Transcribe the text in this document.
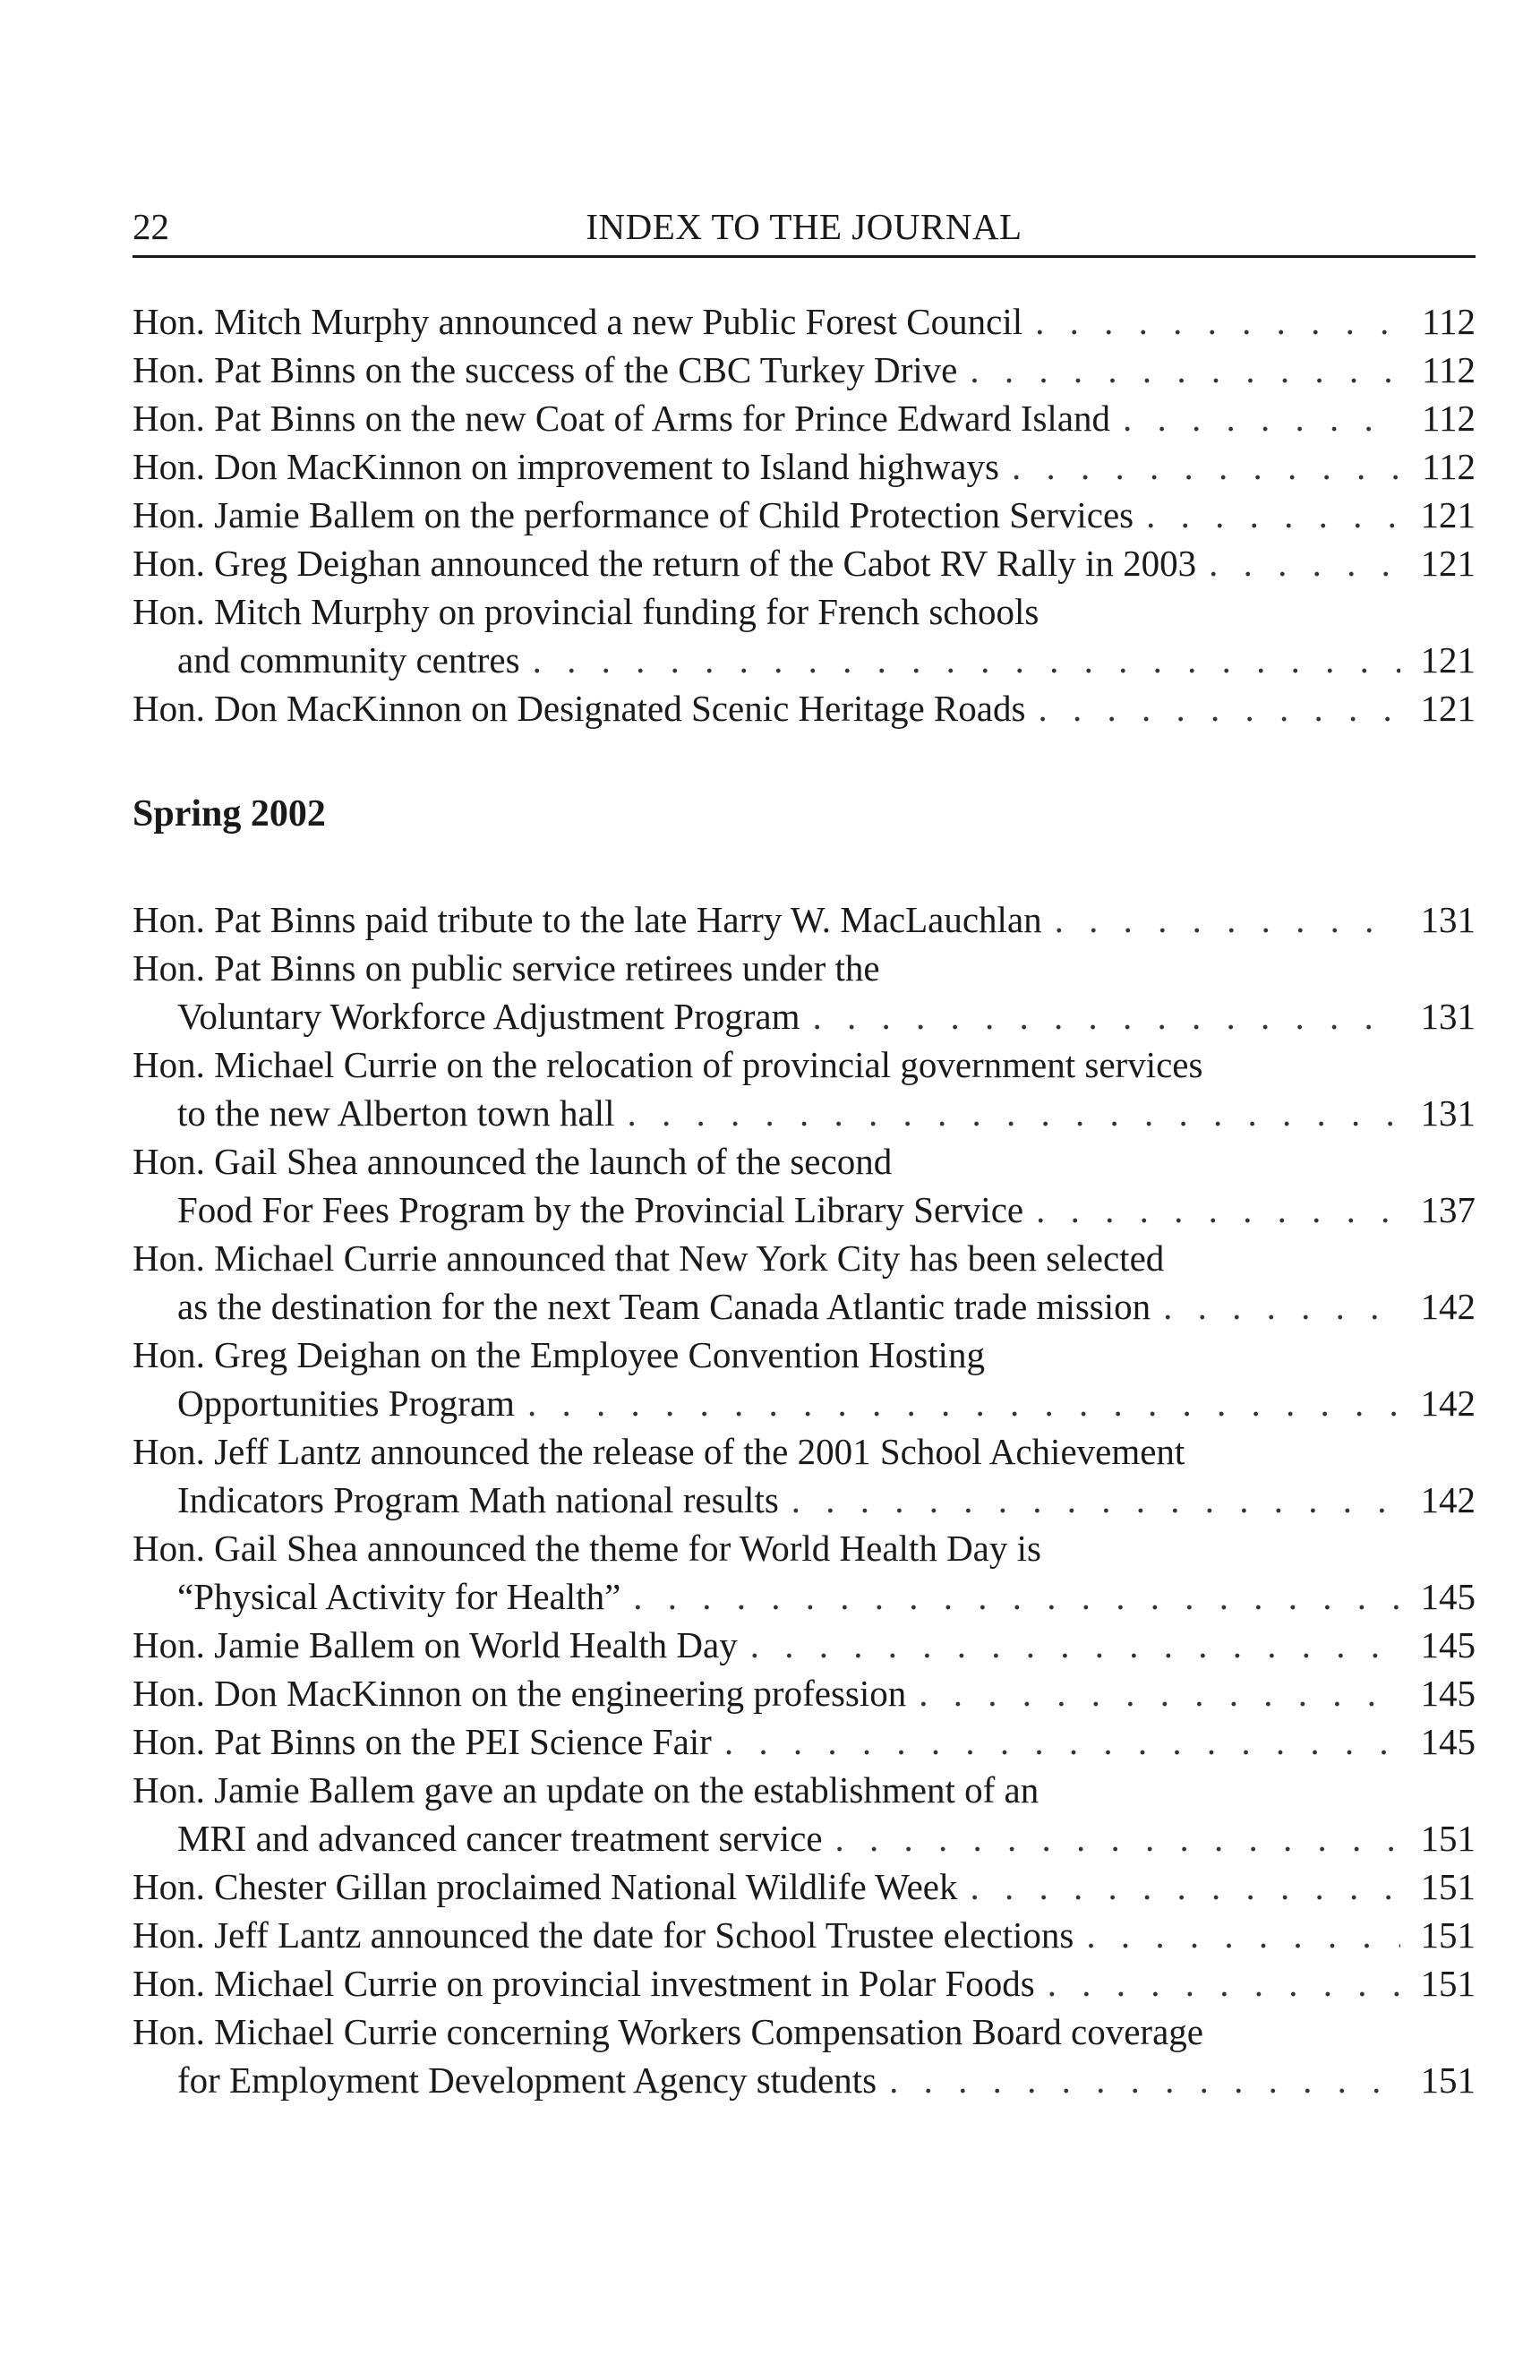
22	INDEX TO THE JOURNAL
Hon. Mitch Murphy announced a new Public Forest Council . . .	112
Hon. Pat Binns on the success of the CBC Turkey Drive . . .	112
Hon. Pat Binns on the new Coat of Arms for Prince Edward Island . . .	112
Hon. Don MacKinnon on improvement to Island highways . . .	112
Hon. Jamie Ballem on the performance of Child Protection Services . . .	121
Hon. Greg Deighan announced the return of the Cabot RV Rally in 2003 . . .	121
Hon. Mitch Murphy on provincial funding for French schools
and community centres . . .	121
Hon. Don MacKinnon on Designated Scenic Heritage Roads . . .	121
Spring 2002
Hon. Pat Binns paid tribute to the late Harry W. MacLauchlan . . .	131
Hon. Pat Binns on public service retirees under the
Voluntary Workforce Adjustment Program . . .	131
Hon. Michael Currie on the relocation of provincial government services
to the new Alberton town hall . . .	131
Hon. Gail Shea announced the launch of the second
Food For Fees Program by the Provincial Library Service . . .	137
Hon. Michael Currie announced that New York City has been selected
as the destination for the next Team Canada Atlantic trade mission . . .	142
Hon. Greg Deighan on the Employee Convention Hosting
Opportunities Program . . .	142
Hon. Jeff Lantz announced the release of the 2001 School Achievement
Indicators Program Math national results . . .	142
Hon. Gail Shea announced the theme for World Health Day is
“Physical Activity for Health” . . .	145
Hon. Jamie Ballem on World Health Day . . .	145
Hon. Don MacKinnon on the engineering profession . . .	145
Hon. Pat Binns on the PEI Science Fair . . .	145
Hon. Jamie Ballem gave an update on the establishment of an
MRI and advanced cancer treatment service . . .	151
Hon. Chester Gillan proclaimed National Wildlife Week . . .	151
Hon. Jeff Lantz announced the date for School Trustee elections . . .	151
Hon. Michael Currie on provincial investment in Polar Foods . . .	151
Hon. Michael Currie concerning Workers Compensation Board coverage
for Employment Development Agency students . . .	151
